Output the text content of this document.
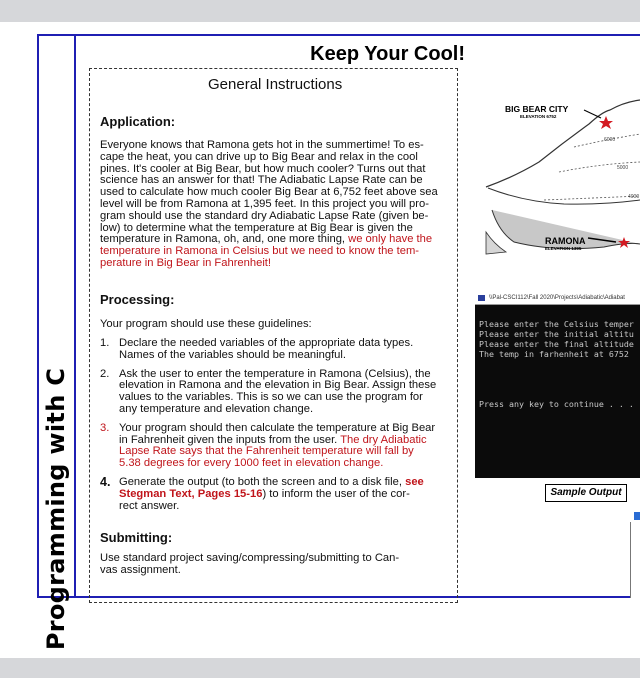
Programming with C
Keep Your Cool!
General Instructions
Application:
Everyone knows that Ramona gets hot in the summertime! To es-
cape the heat, you can drive up to Big Bear and relax in the cool
pines. It's cooler at Big Bear, but how much cooler? Turns out that
science has an answer for that! The Adiabatic Lapse Rate can be
used to calculate how much cooler Big Bear at 6,752 feet above sea
level will be from Ramona at 1,395 feet. In this project you will pro-
gram should use the standard dry Adiabatic Lapse Rate (given be-
low) to determine what the temperature at Big Bear is given the
temperature in Ramona, oh, and, one more thing, we only have the
temperature in Ramona in Celsius but we need to know the tem-
perature in Big Bear in Fahrenheit!
Processing:
Your program should use these guidelines:
1. Declare the needed variables of the appropriate data types.
Names of the variables should be meaningful.
2. Ask the user to enter the temperature in Ramona (Celsius), the
elevation in Ramona and the elevation in Big Bear. Assign these
values to the variables. This is so we can use the program for
any temperature and elevation change.
3. Your program should then calculate the temperature at Big Bear
in Fahrenheit given the inputs from the user. The dry Adiabatic
Lapse Rate says that the Fahrenheit temperature will fall by
5.38 degrees for every 1000 feet in elevation change.
4. Generate the output (to both the screen and to a disk file, see
Stegman Text, Pages 15-16) to inform the user of the cor-
rect answer.
Submitting:
Use standard project saving/compressing/submitting to Can-
vas assignment.
BIG BEAR CITY
ELEVATION 6752
6000
5000
4000
RAMONA
ELEVATION 1395
\\Pal-CSCI112\Fall 2020\Projects\Adiabatic\Adiabat

Please enter the Celsius temper
Please enter the initial altitu
Please enter the final altitude
The temp in farhenheit at 6752
Press any key to continue . . .

Sample Output
